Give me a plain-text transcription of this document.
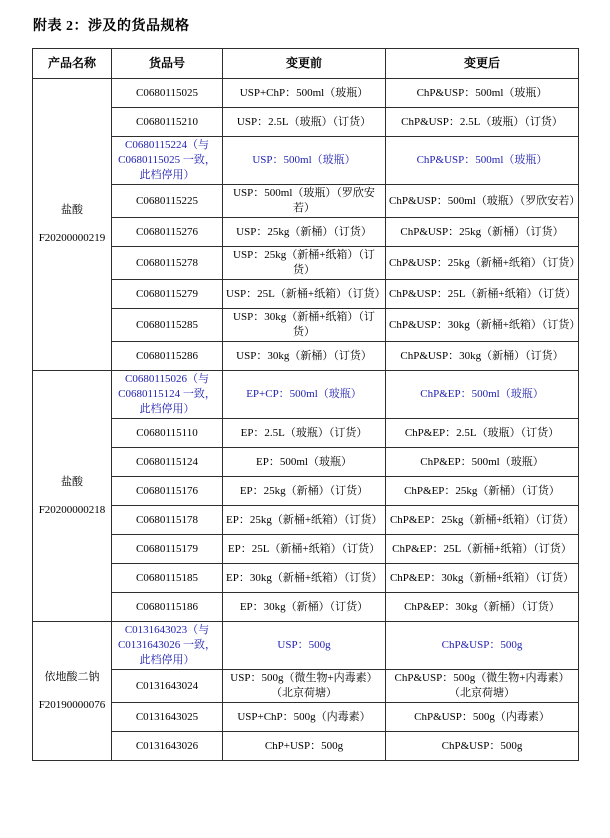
附表 2：涉及的货品规格
产品名称	货品号	变更前	变更后

盐酸
F20200000219	C0680115025	USP+ChP：500ml（玻瓶）	ChP&USP：500ml（玻瓶）
	C0680115210	USP：2.5L（玻瓶）（订货）	ChP&USP：2.5L（玻瓶）（订货）
	C0680115224（与 C0680115025 一致，此档停用）	USP：500ml（玻瓶）	ChP&USP：500ml（玻瓶）
	C0680115225	USP：500ml（玻瓶）（罗欣安若）	ChP&USP：500ml（玻瓶）（罗欣安若）
	C0680115276	USP：25kg（新桶）（订货）	ChP&USP：25kg（新桶）（订货）
	C0680115278	USP：25kg（新桶+纸箱）（订货）	ChP&USP：25kg（新桶+纸箱）（订货）
	C0680115279	USP：25L（新桶+纸箱）（订货）	ChP&USP：25L（新桶+纸箱）（订货）
	C0680115285	USP：30kg（新桶+纸箱）（订货）	ChP&USP：30kg（新桶+纸箱）（订货）
	C0680115286	USP：30kg（新桶）（订货）	ChP&USP：30kg（新桶）（订货）

盐酸
F20200000218	C0680115026（与 C0680115124 一致，此档停用）	EP+CP：500ml（玻瓶）	ChP&EP：500ml（玻瓶）
	C0680115110	EP：2.5L（玻瓶）（订货）	ChP&EP：2.5L（玻瓶）（订货）
	C0680115124	EP：500ml（玻瓶）	ChP&EP：500ml（玻瓶）
	C0680115176	EP：25kg（新桶）（订货）	ChP&EP：25kg（新桶）（订货）
	C0680115178	EP：25kg（新桶+纸箱）（订货）	ChP&EP：25kg（新桶+纸箱）（订货）
	C0680115179	EP：25L（新桶+纸箱）（订货）	ChP&EP：25L（新桶+纸箱）（订货）
	C0680115185	EP：30kg（新桶+纸箱）（订货）	ChP&EP：30kg（新桶+纸箱）（订货）
	C0680115186	EP：30kg（新桶）（订货）	ChP&EP：30kg（新桶）（订货）

依地酸二钠
F20190000076	C0131643023（与 C0131643026 一致，此档停用）	USP：500g	ChP&USP：500g
	C0131643024	USP：500g（微生物+内毒素）（北京荷塘）	ChP&USP：500g（微生物+内毒素）（北京荷塘）
	C0131643025	USP+ChP：500g（内毒素）	ChP&USP：500g（内毒素）
	C0131643026	ChP+USP：500g	ChP&USP：500g
